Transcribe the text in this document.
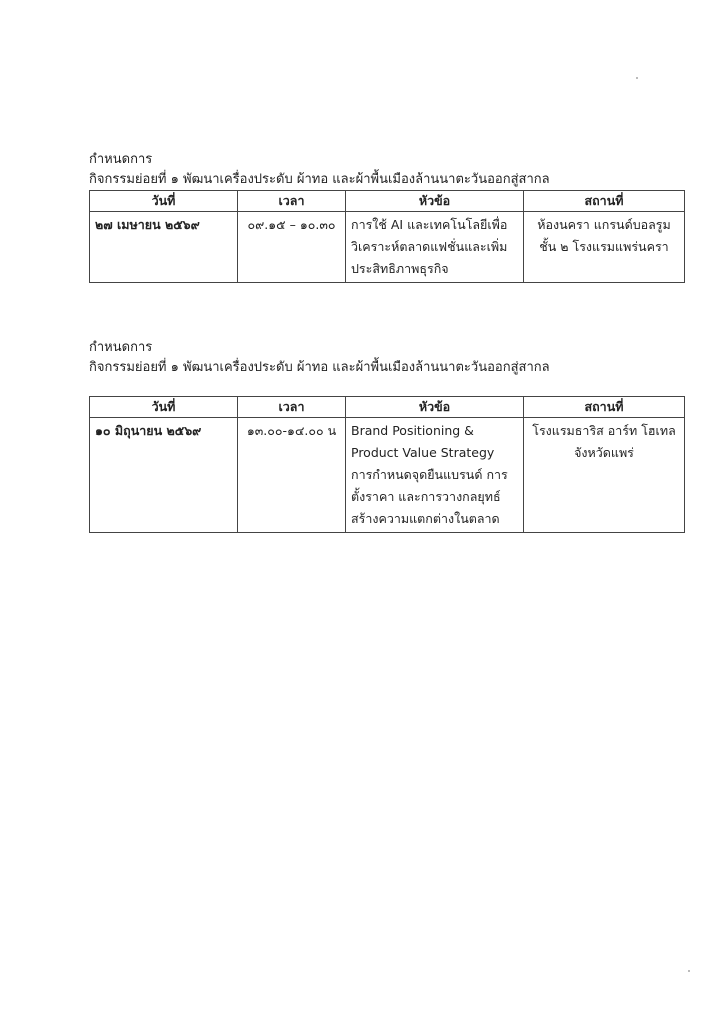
กำหนดการ
กิจกรรมย่อยที่ ๑ พัฒนาเครื่องประดับ ผ้าทอ และผ้าพื้นเมืองล้านนาตะวันออกสู่สากล
วันที่	เวลา	หัวข้อ	สถานที่
๒๗ เมษายน ๒๕๖๙	๐๙.๑๕ – ๑๐.๓๐	การใช้ AI และเทคโนโลยีเพื่อวิเคราะห์ตลาดแฟชั่นและเพิ่มประสิทธิภาพธุรกิจ	ห้องนครา แกรนด์บอลรูม ชั้น ๒ โรงแรมแพร่นครา
กำหนดการ
กิจกรรมย่อยที่ ๑ พัฒนาเครื่องประดับ ผ้าทอ และผ้าพื้นเมืองล้านนาตะวันออกสู่สากล
วันที่	เวลา	หัวข้อ	สถานที่
๑๐ มิถุนายน ๒๕๖๙	๑๓.๐๐-๑๔.๐๐ น	Brand Positioning & Product Value Strategy การกำหนดจุดยืนแบรนด์ การตั้งราคา และการวางกลยุทธ์สร้างความแตกต่างในตลาด	โรงแรมธาริส อาร์ท โฮเทล จังหวัดแพร่
